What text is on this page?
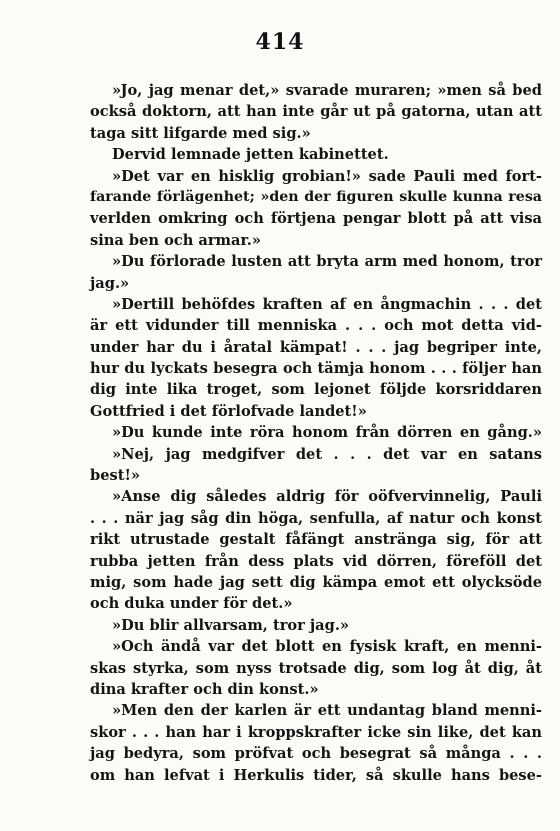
414
»Jo, jag menar det,» svarade muraren; »men så bed
också doktorn, att han inte går ut på gatorna, utan att
taga sitt lifgarde med sig.»
Dervid lemnade jetten kabinettet.
»Det var en hisklig grobian!» sade Pauli med fort-
farande förlägenhet; »den der figuren skulle kunna resa
verlden omkring och förtjena pengar blott på att visa
sina ben och armar.»
»Du förlorade lusten att bryta arm med honom, tror
jag.»
»Dertill behöfdes kraften af en ångmachin . . . det
är ett vidunder till menniska . . . och mot detta vid-
under har du i åratal kämpat! . . . jag begriper inte,
hur du lyckats besegra och tämja honom . . . följer han
dig inte lika troget, som lejonet följde korsriddaren
Gottfried i det förlofvade landet!»
»Du kunde inte röra honom från dörren en gång.»
»Nej, jag medgifver det . . . det var en satans
best!»
»Anse dig således aldrig för oöfvervinnelig, Pauli
. . . när jag såg din höga, senfulla, af natur och konst
rikt utrustade gestalt fåfängt anstränga sig, för att
rubba jetten från dess plats vid dörren, föreföll det
mig, som hade jag sett dig kämpa emot ett olycksöde
och duka under för det.»
»Du blir allvarsam, tror jag.»
»Och ändå var det blott en fysisk kraft, en menni-
skas styrka, som nyss trotsade dig, som log åt dig, åt
dina krafter och din konst.»
»Men den der karlen är ett undantag bland menni-
skor . . . han har i kroppskrafter icke sin like, det kan
jag bedyra, som pröfvat och besegrat så många . . .
om han lefvat i Herkulis tider, så skulle hans bese-
